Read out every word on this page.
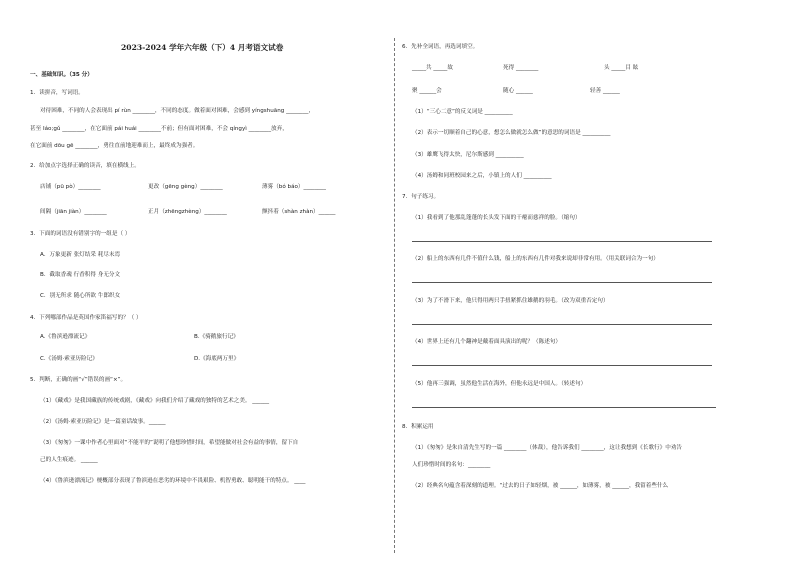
2023-2024 学年六年级（下）4 月考语文试卷
一、基础知识。（35 分）
1．读拼音，写词语。
对待困难，不同的人会表现出 pí rùn ________，不同的态度。做着面对困难，会感到 yíngshuāng ________，
甚至 Iáo;gǔ ________，在它面前 pái huái ________不前；但有面对困难，不会 qíngyì ________放弃，
在它面前 dōu gē ________，勇往直前地迎难而上，最终成为强者。
2．给加点字选择正确的读音，填在横线上。
店铺（pū pò）________	更改（gēng gèng）________	薄雾（bó báo）________
间隔（jiān jiàn）________	正月（zhēngzhèng）________	颤抖着（shàn zhàn）______
3．下面的词语没有错别字的一组是（ ）
A．万象更新 张灯结采 耗尽末焉
B．截取香魂 行香积得 身无分文
C．别无所求 随心所欲 牛郎织女
4．下列哪部作品是英国作家笛福写的？（ ）
A.《鲁滨逊漂流记》	B.《骑鹅旅行记》
C.《汤姆·索亚历险记》	D.《海底两万里》
5．判断，正确的画“√”错误的画“×”。
（1）《藏戏》是我国藏族的传统戏剧，《藏戏》向我们介绍了藏戏的独特的艺术之美。 ______
（2）《汤姆·索亚历险记》是一篇童话故事。______
（3）《匆匆》一课中作者心里面对“不能平的”说明了他想珍惜时间，希望能做对社会有益的事情，留下自
己的人生痕迹。 ______
（4）《鲁滨逊漂流记》梗概部分表现了鲁滨逊在恶劣的环境中不畏艰险、机智勇敢、聪明能干的特点。 ____
6．先补全词语，再选词填空。
_____共 _____故	死得 ________	头 _____目 眩
聚 ______会	随心 ______	轻善 ______
（1）“三心二意”的反义词是 __________
（2）表示一切顺着自己的心意，想怎么做就怎么做”的意思的词语是 __________
（3）雄鹰飞得太快，尼尔斯感到 __________
（4）汤姆和同班校园来之后，小镇上的人们 __________
7．句子练习。
（1）我看到了他那乱蓬蓬的长头发下面的干瘪而慈祥的脸。（缩句）
（2）船上的东西有几件不值什么钱，船上的东西有几件对我来说却非常有用。（用关联词合为一句）
（3）为了不滑下来，他只得用两只手扭紧抓住雄鹅的羽毛。（改为双重否定句）
（4）世界上还有几个翻神是戴着面具演出的呢？（陈述句）
（5）他再三强调，虽然他生活在海外，但他永远是中国人。（转述句）
8．积累运用
（1）《匆匆》是朱自清先生写的一篇 ________（体裁），他告诉我们 ________，这让我想到《长歌行》中劝告
人们珍惜时间的名句：________
（2）经典名句蕴含着深刻的道理。“过去的日子如轻烟，被 ______，如薄雾，被 ______，我留着些什么
